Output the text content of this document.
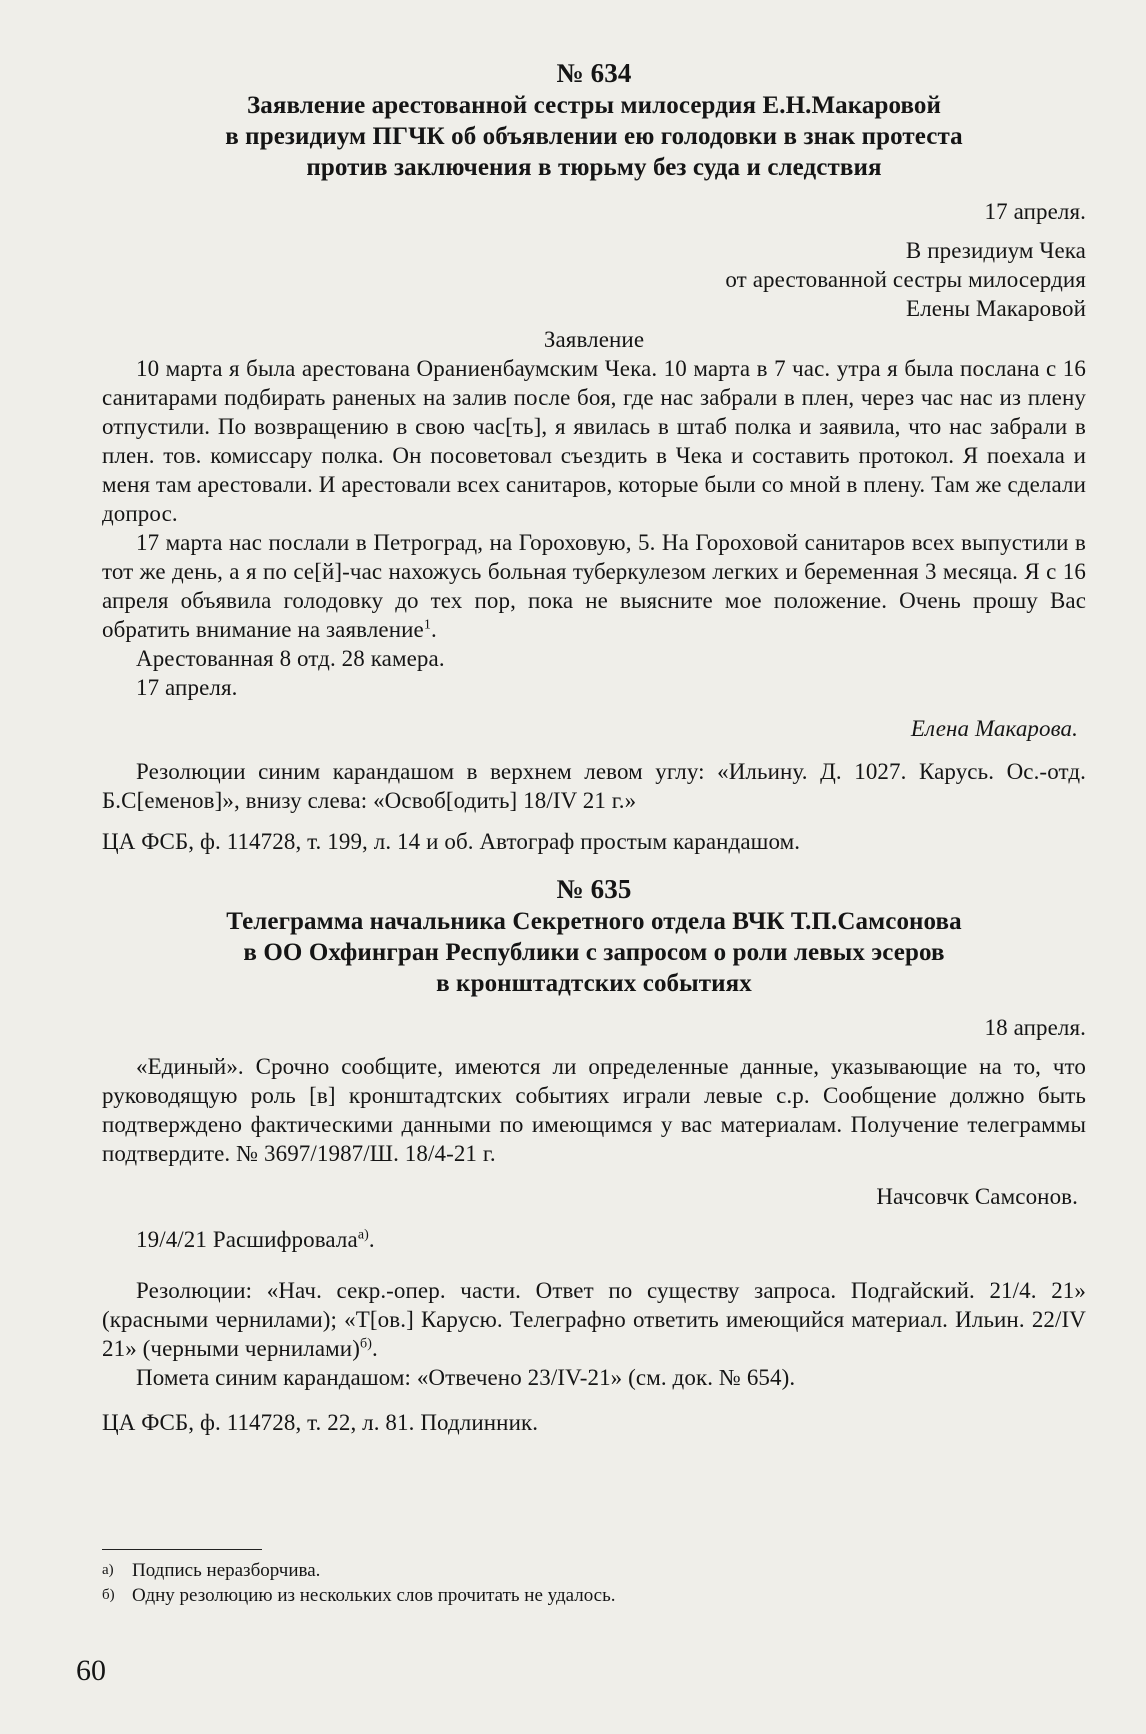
№ 634
Заявление арестованной сестры милосердия Е.Н.Макаровой
в президиум ПГЧК об объявлении ею голодовки в знак протеста
против заключения в тюрьму без суда и следствия
17 апреля.
В президиум Чека
от арестованной сестры милосердия
Елены Макаровой
Заявление

10 марта я была арестована Ораниенбаумским Чека. 10 марта в 7 час. утра я была послана с 16 санитарами подбирать раненых на залив после боя, где нас забрали в плен, через час нас из плену отпустили. По возвращению в свою час[ть], я явилась в штаб полка и заявила, что нас забрали в плен. тов. комиссару полка. Он посоветовал съездить в Чека и составить протокол. Я поехала и меня там арестовали. И арестовали всех санитаров, которые были со мной в плену. Там же сделали допрос.

17 марта нас послали в Петроград, на Гороховую, 5. На Гороховой санитаров всех выпустили в тот же день, а я по се[й]-час нахожусь больная туберкулезом легких и беременная 3 месяца. Я с 16 апреля объявила голодовку до тех пор, пока не выясните мое положение. Очень прошу Вас обратить внимание на заявление$^1$.

Арестованная 8 отд. 28 камера.

17 апреля.

Елена Макарова.

Резолюции синим карандашом в верхнем левом углу: «Ильину. Д. 1027. Карусь. Ос.-отд. Б.С[еменов]», внизу слева: «Освоб[одить] 18/IV 21 г.»

ЦА ФСБ, ф. 114728, т. 199, л. 14 и об. Автограф простым карандашом.

№ 635
Телеграмма начальника Секретного отдела ВЧК Т.П.Самсонова
в ОО Охфингран Республики с запросом о роли левых эсеров
в кронштадтских событиях
18 апреля.

«Единый». Срочно сообщите, имеются ли определенные данные, указывающие на то, что руководящую роль [в] кронштадтских событиях играли левые с.р. Сообщение должно быть подтверждено фактическими данными по имеющимся у вас материалам. Получение телеграммы подтвердите. № 3697/1987/Ш. 18/4-21 г.

Начсовчк Самсонов.

19/4/21 Расшифровала$^{а)}$.

Резолюции: «Нач. секр.-опер. части. Ответ по существу запроса. Подгайский. 21/4. 21» (красными чернилами); «Т[ов.] Карусю. Телеграфно ответить имеющийся материал. Ильин. 22/IV 21» (черными чернилами)$^{б)}$.

Пометa синим карандашом: «Отвечено 23/IV-21» (см. док. № 654).

ЦА ФСБ, ф. 114728, т. 22, л. 81. Подлинник.

а) Подпись неразборчива.
б) Одну резолюцию из нескольких слов прочитать не удалось.
60
